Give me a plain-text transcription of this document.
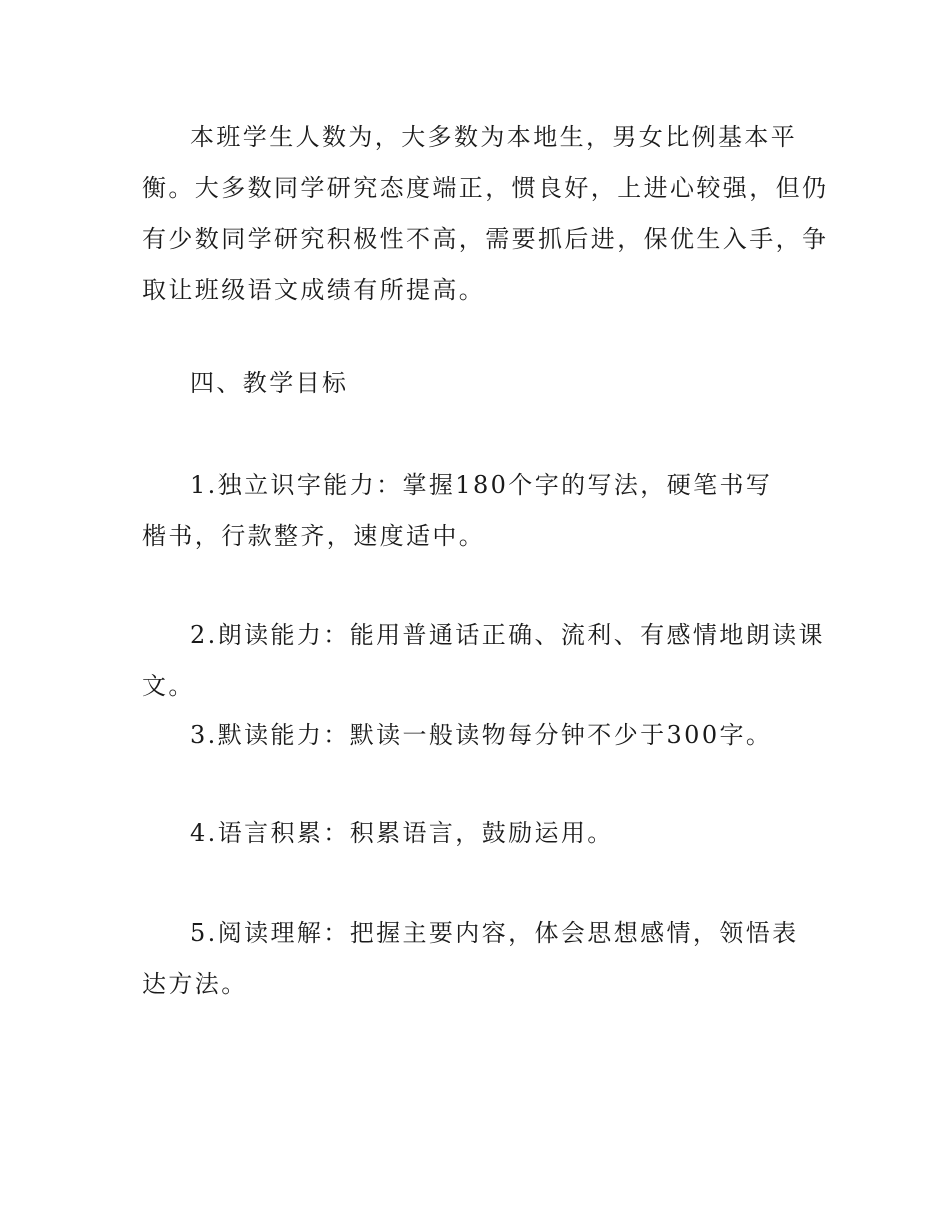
本班学生人数为，大多数为本地生，男女比例基本平衡。大多数同学研究态度端正，惯良好，上进心较强，但仍有少数同学研究积极性不高，需要抓后进，保优生入手，争取让班级语文成绩有所提高。

四、教学目标

1.独立识字能力：掌握180个字的写法，硬笔书写楷书，行款整齐，速度适中。

2.朗读能力：能用普通话正确、流利、有感情地朗读课文。

3.默读能力：默读一般读物每分钟不少于300字。

4.语言积累：积累语言，鼓励运用。

5.阅读理解：把握主要内容，体会思想感情，领悟表达方法。
